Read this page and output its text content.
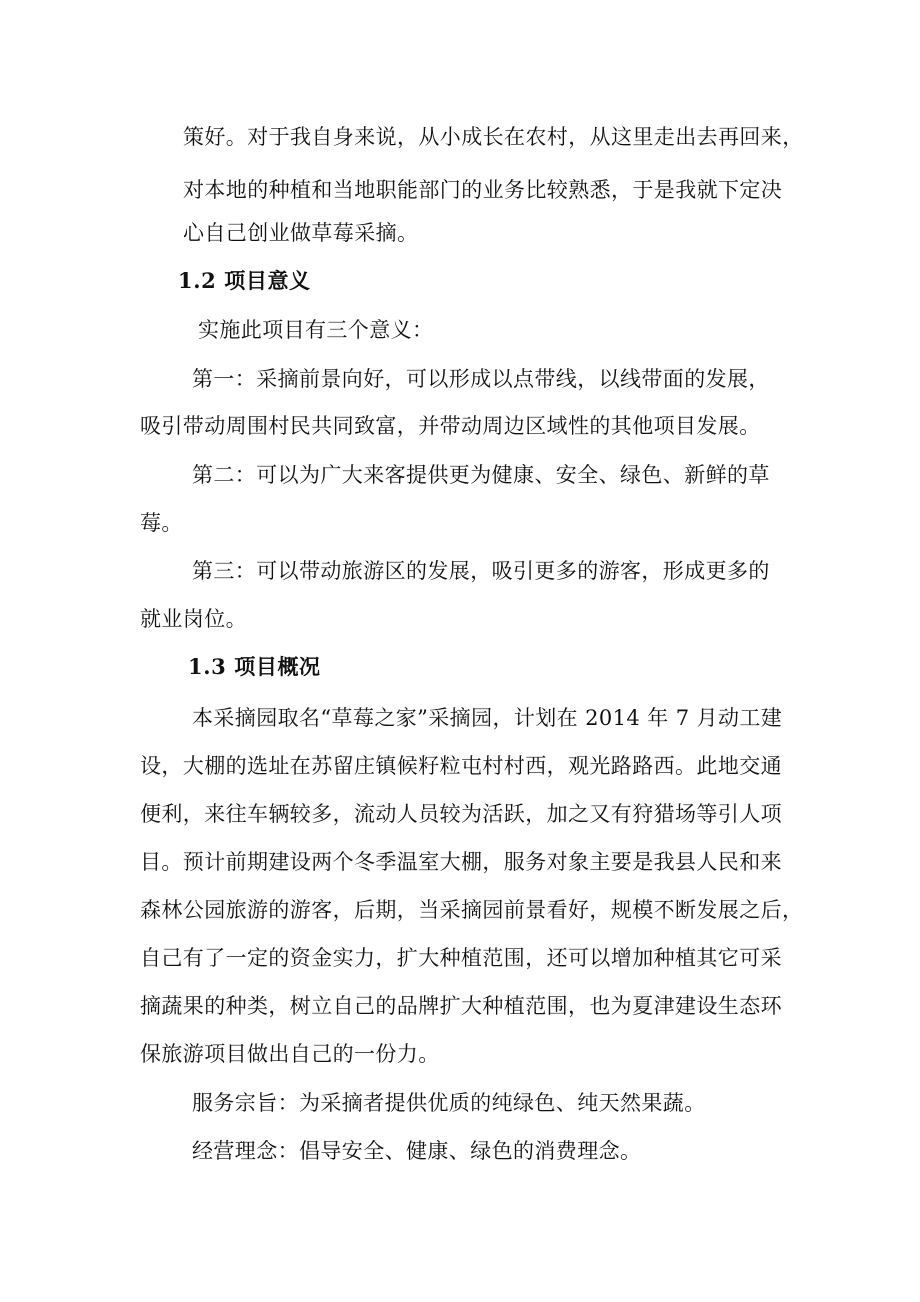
策好。对于我自身来说，从小成长在农村，从这里走出去再回来，
对本地的种植和当地职能部门的业务比较熟悉，于是我就下定决
心自己创业做草莓采摘。
1.2 项目意义
实施此项目有三个意义：
第一：采摘前景向好，可以形成以点带线，以线带面的发展，
吸引带动周围村民共同致富，并带动周边区域性的其他项目发展。
第二：可以为广大来客提供更为健康、安全、绿色、新鲜的草
莓。
第三：可以带动旅游区的发展，吸引更多的游客，形成更多的
就业岗位。
1.3 项目概况
本采摘园取名“草莓之家”采摘园，计划在 2014 年 7 月动工建
设，大棚的选址在苏留庄镇候籽粒屯村村西，观光路路西。此地交通
便利，来往车辆较多，流动人员较为活跃，加之又有狩猎场等引人项
目。预计前期建设两个冬季温室大棚，服务对象主要是我县人民和来
森林公园旅游的游客，后期，当采摘园前景看好，规模不断发展之后，
自己有了一定的资金实力，扩大种植范围，还可以增加种植其它可采
摘蔬果的种类，树立自己的品牌扩大种植范围，也为夏津建设生态环
保旅游项目做出自己的一份力。
服务宗旨：为采摘者提供优质的纯绿色、纯天然果蔬。
经营理念：倡导安全、健康、绿色的消费理念。
